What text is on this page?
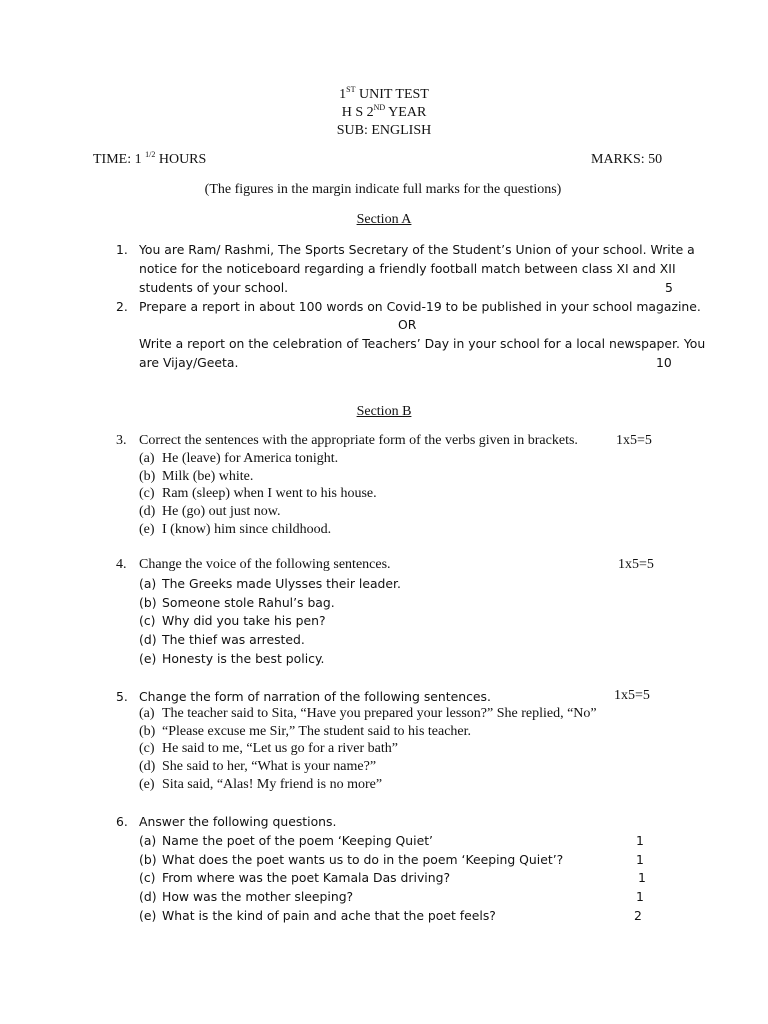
1ST UNIT TEST
H S 2ND YEAR
SUB: ENGLISH
TIME: 1 $^{1/2}$ HOURS	MARKS: 50
(The figures in the margin indicate full marks for the questions)
Section A
1. You are Ram/ Rashmi, The Sports Secretary of the Student’s Union of your school. Write a
notice for the noticeboard regarding a friendly football match between class XI and XII
students of your school.	5
2. Prepare a report in about 100 words on Covid-19 to be published in your school magazine.
OR
Write a report on the celebration of Teachers’ Day in your school for a local newspaper. You
are Vijay/Geeta.	10
Section B
3. Correct the sentences with the appropriate form of the verbs given in brackets.	1x5=5
(a) He (leave) for America tonight.
(b) Milk (be) white.
(c) Ram (sleep) when I went to his house.
(d) He (go) out just now.
(e) I (know) him since childhood.
4. Change the voice of the following sentences.	1x5=5
(a) The Greeks made Ulysses their leader.
(b) Someone stole Rahul’s bag.
(c) Why did you take his pen?
(d) The thief was arrested.
(e) Honesty is the best policy.
5. Change the form of narration of the following sentences.	1x5=5
(a) The teacher said to Sita, “Have you prepared your lesson?” She replied, “No”
(b) “Please excuse me Sir,” The student said to his teacher.
(c) He said to me, “Let us go for a river bath”
(d) She said to her, “What is your name?”
(e) Sita said, “Alas! My friend is no more”
6. Answer the following questions.
(a) Name the poet of the poem ‘Keeping Quiet’	1
(b) What does the poet wants us to do in the poem ‘Keeping Quiet’?	1
(c) From where was the poet Kamala Das driving?	1
(d) How was the mother sleeping?	1
(e) What is the kind of pain and ache that the poet feels?	2
